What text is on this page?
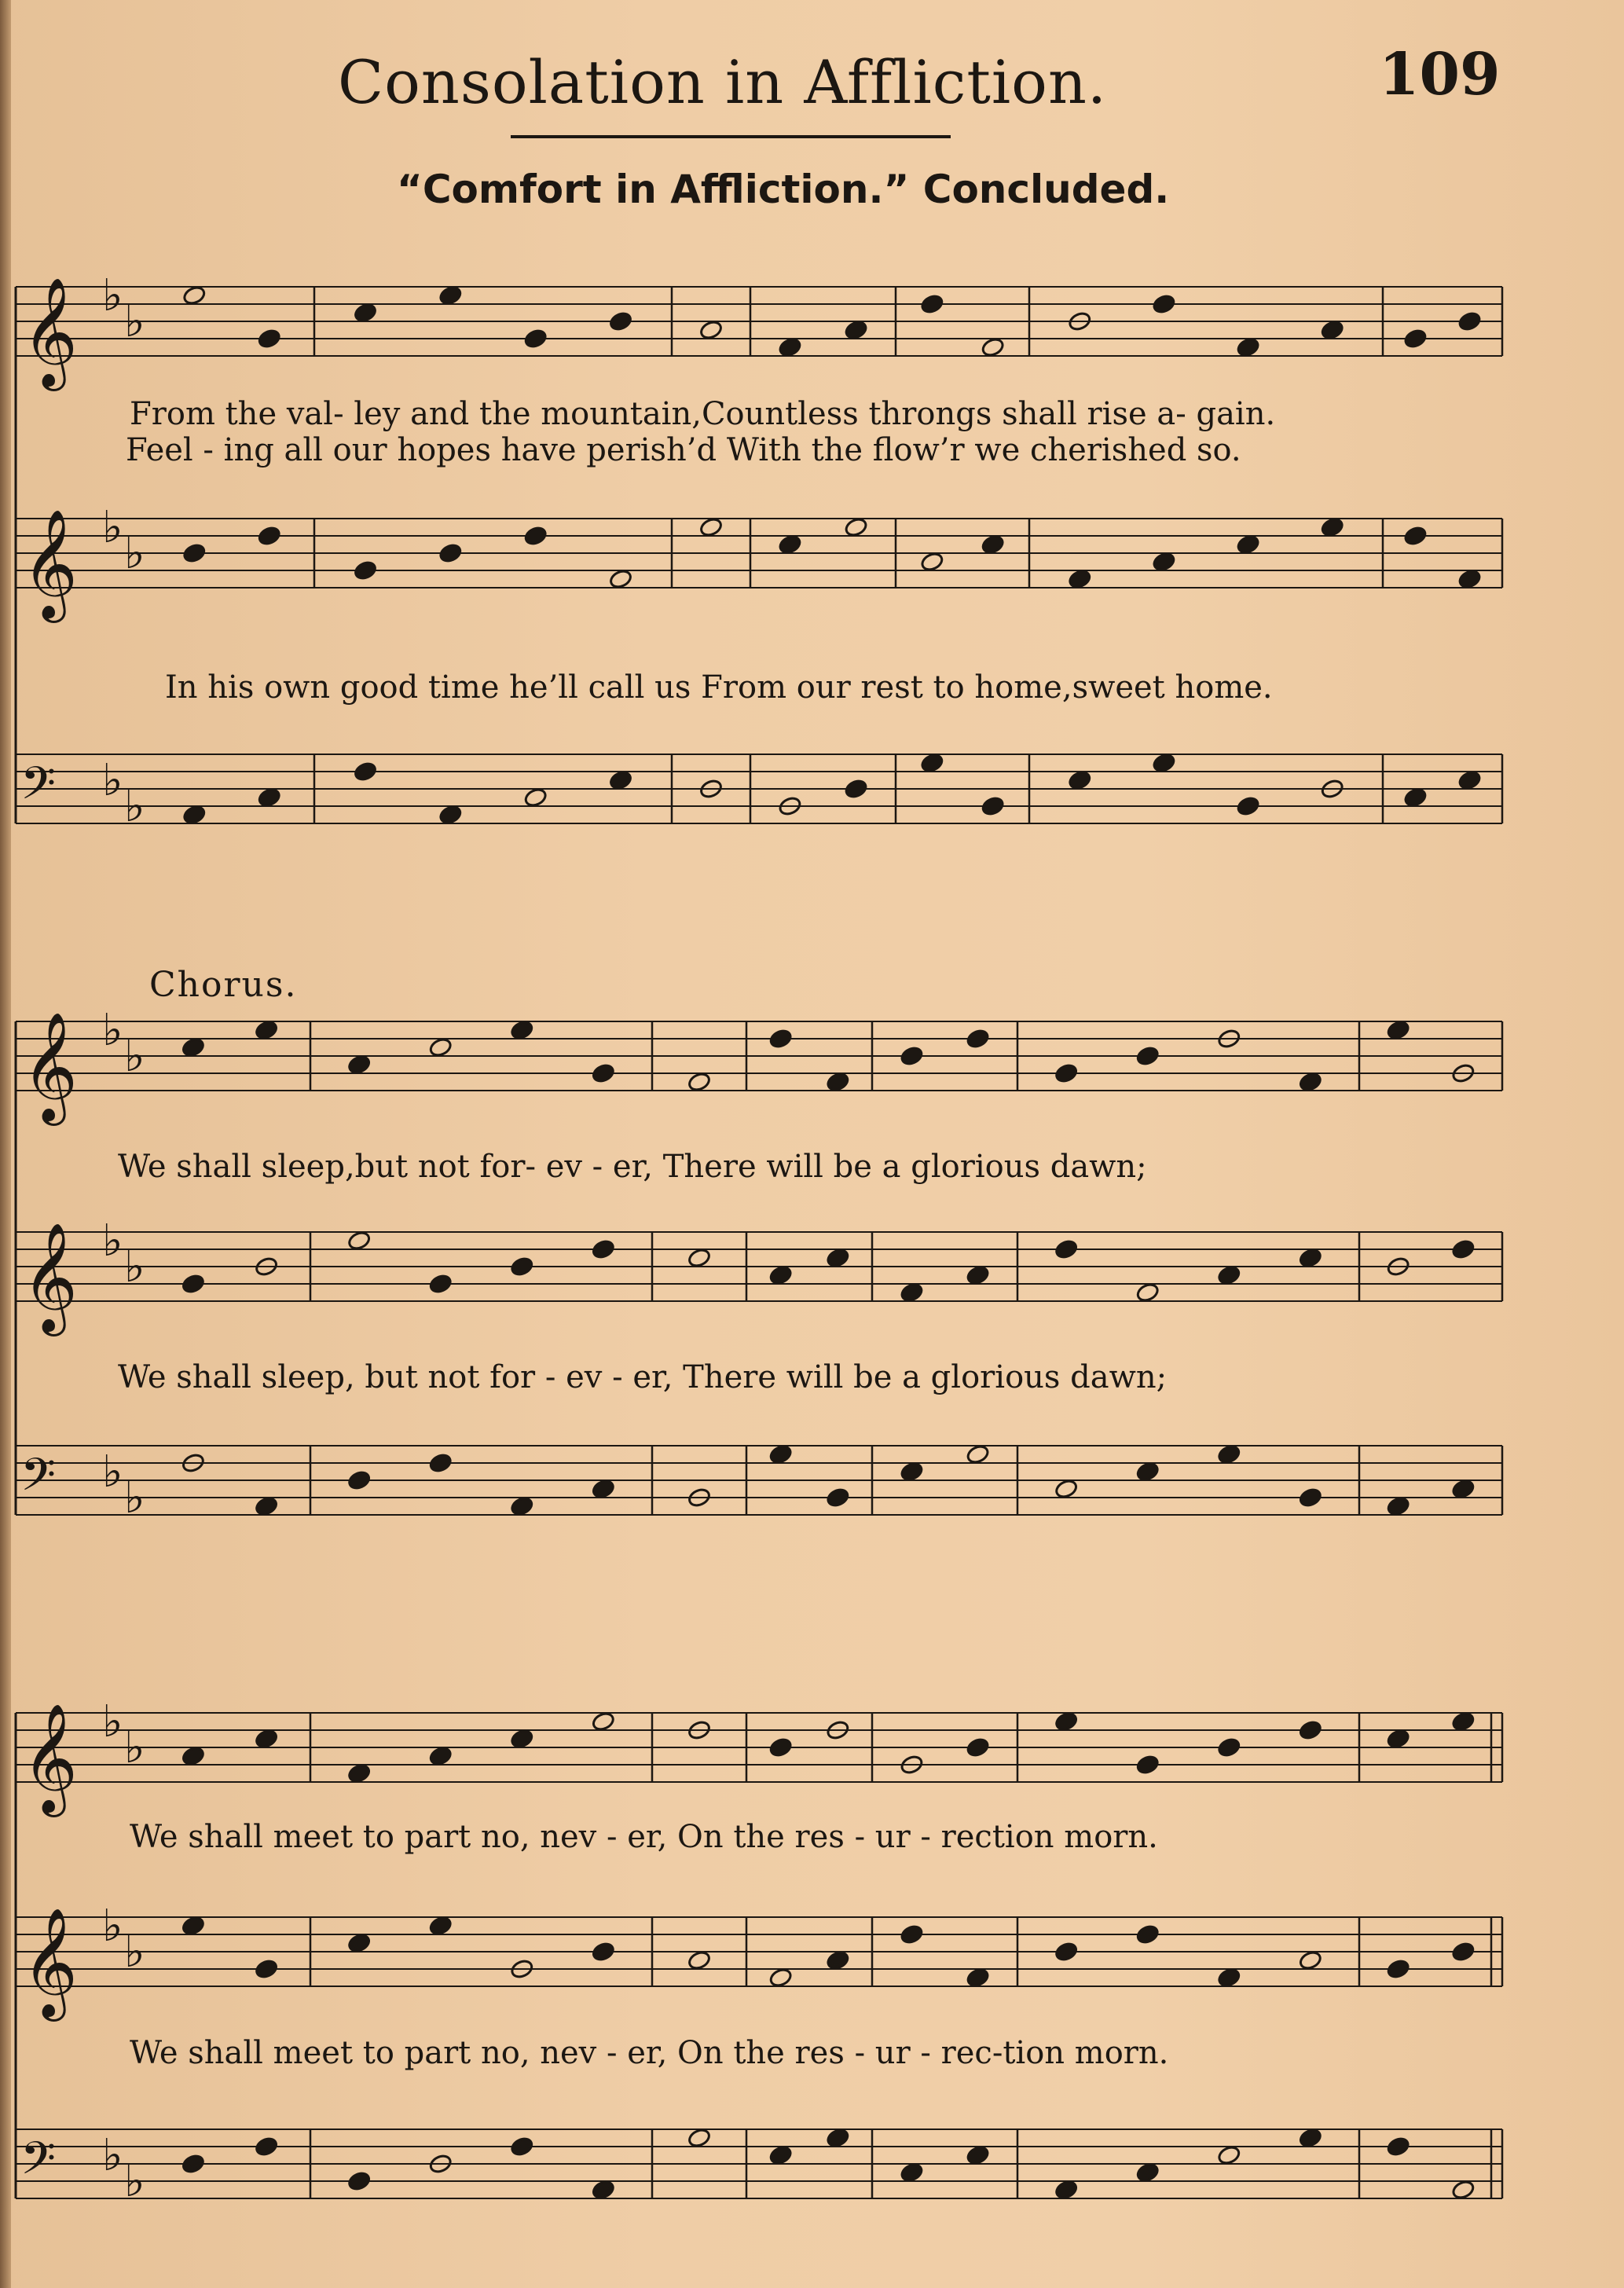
Consolation in Affliction.	109
“Comfort in Affliction.” Concluded.
𝄞 ♭
♭
𝄞 ♭
♭
𝄢 ♭
♭
𝄞 ♭
♭
𝄞 ♭
♭
𝄢 ♭
♭
𝄞 ♭
♭
𝄞 ♭
♭
𝄢 ♭
♭
Chorus.
From the val- ley and the mountain,Countless throngs shall rise a- gain.
Feel - ing all our hopes have perish’d With the flow’r we cherished so.
In his own good time he’ll call us From our rest to home,sweet home.
We shall sleep,but not for- ev - er, There will be a glorious dawn;
We shall sleep, but not for - ev - er, There will be a glorious dawn;
We shall meet to part no, nev - er, On the res - ur - rection morn.
We shall meet to part no, nev - er, On the res - ur - rec-tion morn.
